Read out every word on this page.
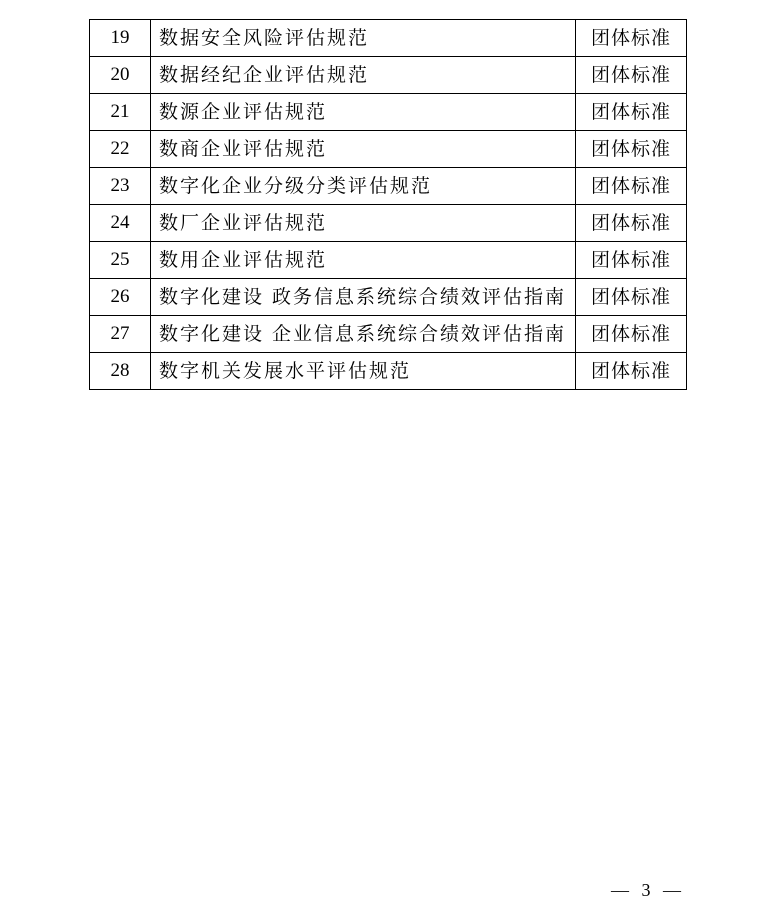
19	数据安全风险评估规范	团体标准
20	数据经纪企业评估规范	团体标准
21	数源企业评估规范	团体标准
22	数商企业评估规范	团体标准
23	数字化企业分级分类评估规范	团体标准
24	数厂企业评估规范	团体标准
25	数用企业评估规范	团体标准
26	数字化建设 政务信息系统综合绩效评估指南	团体标准
27	数字化建设 企业信息系统综合绩效评估指南	团体标准
28	数字机关发展水平评估规范	团体标准
— 3 —
